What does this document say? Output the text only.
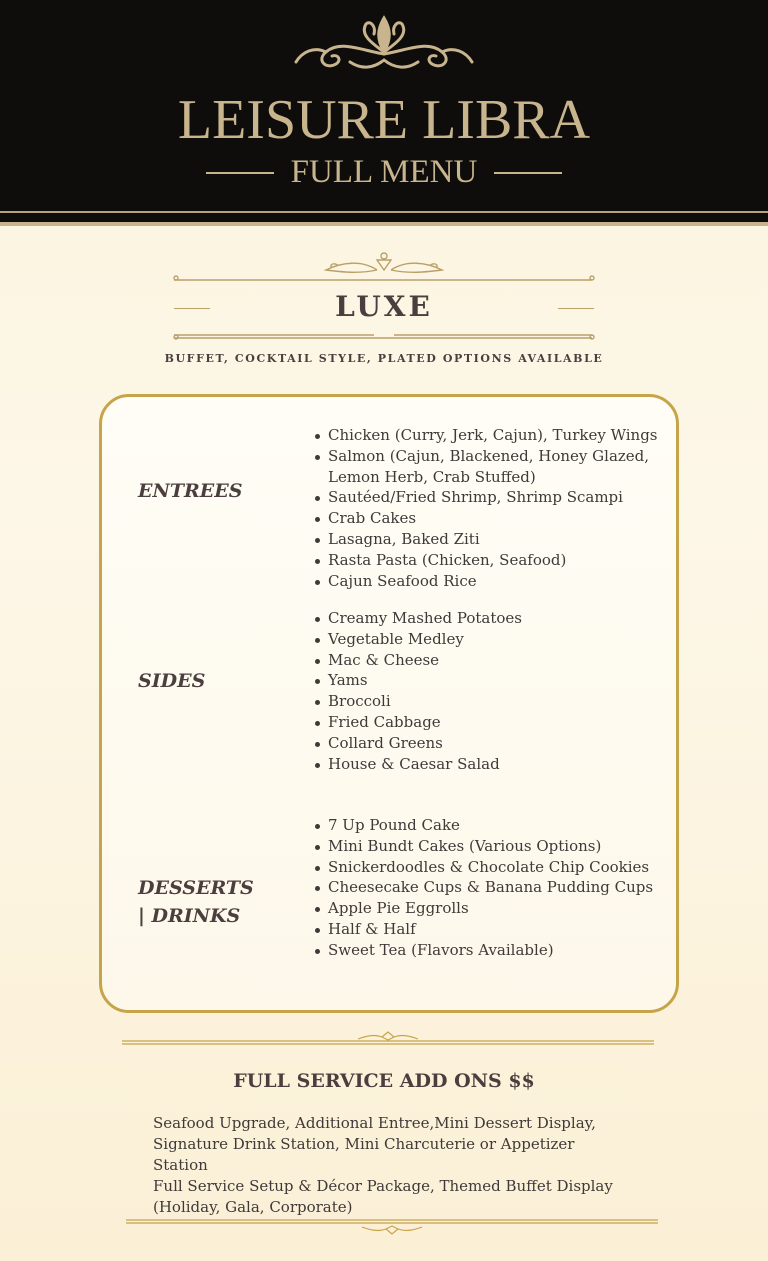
LEISURE LIBRA
FULL MENU
LUXE
BUFFET, COCKTAIL STYLE, PLATED OPTIONS AVAILABLE
ENTREES
Chicken (Curry, Jerk, Cajun), Turkey Wings
Salmon (Cajun, Blackened, Honey Glazed,
Lemon Herb, Crab Stuffed)
Sautéed/Fried Shrimp, Shrimp Scampi
Crab Cakes
Lasagna, Baked Ziti
Rasta Pasta (Chicken, Seafood)
Cajun Seafood Rice
SIDES
Creamy Mashed Potatoes
Vegetable Medley
Mac & Cheese
Yams
Broccoli
Fried Cabbage
Collard Greens
House & Caesar Salad
DESSERTS
| DRINKS
7 Up Pound Cake
Mini Bundt Cakes (Various Options)
Snickerdoodles & Chocolate Chip Cookies
Cheesecake Cups & Banana Pudding Cups
Apple Pie Eggrolls
Half & Half
Sweet Tea (Flavors Available)
FULL SERVICE ADD ONS $$
Seafood Upgrade, Additional Entree,Mini Dessert Display,
Signature Drink Station, Mini Charcuterie or Appetizer Station
Full Service Setup & Décor Package, Themed Buffet Display
(Holiday, Gala, Corporate)
